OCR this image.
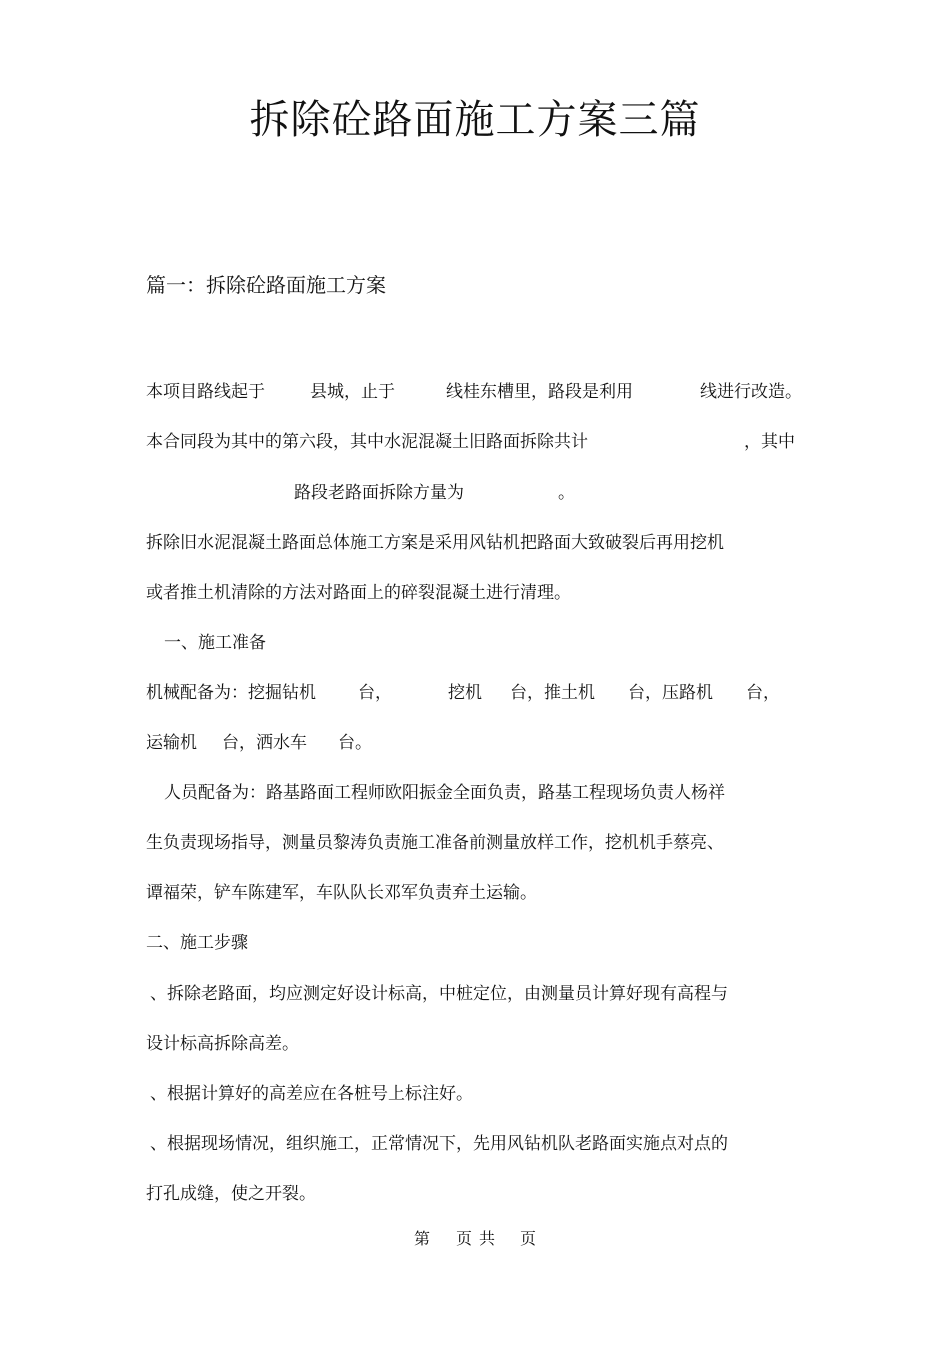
拆除砼路面施工方案三篇
篇一：拆除砼路面施工方案
本项目路线起于	县城，止于	线桂东槽里，路段是利用	线进行改造。
本合同段为其中的第六段，其中水泥混凝土旧路面拆除共计	，其中
路段老路面拆除方量为	。
拆除旧水泥混凝土路面总体施工方案是采用风钻机把路面大致破裂后再用挖机
或者推土机清除的方法对路面上的碎裂混凝土进行清理。
一、施工准备
机械配备为：挖掘钻机 台，	挖机 台，推土机 台，压路机 台，
运输机 台，洒水车 台。
人员配备为：路基路面工程师欧阳振金全面负责，路基工程现场负责人杨祥
生负责现场指导，测量员黎涛负责施工准备前测量放样工作，挖机机手蔡亮、
谭福荣，铲车陈建军，车队队长邓军负责弃土运输。
二、施工步骤
、拆除老路面，均应测定好设计标高，中桩定位，由测量员计算好现有高程与
设计标高拆除高差。
、根据计算好的高差应在各桩号上标注好。
、根据现场情况，组织施工，正常情况下，先用风钻机队老路面实施点对点的
打孔成缝，使之开裂。
第 页 共 页
